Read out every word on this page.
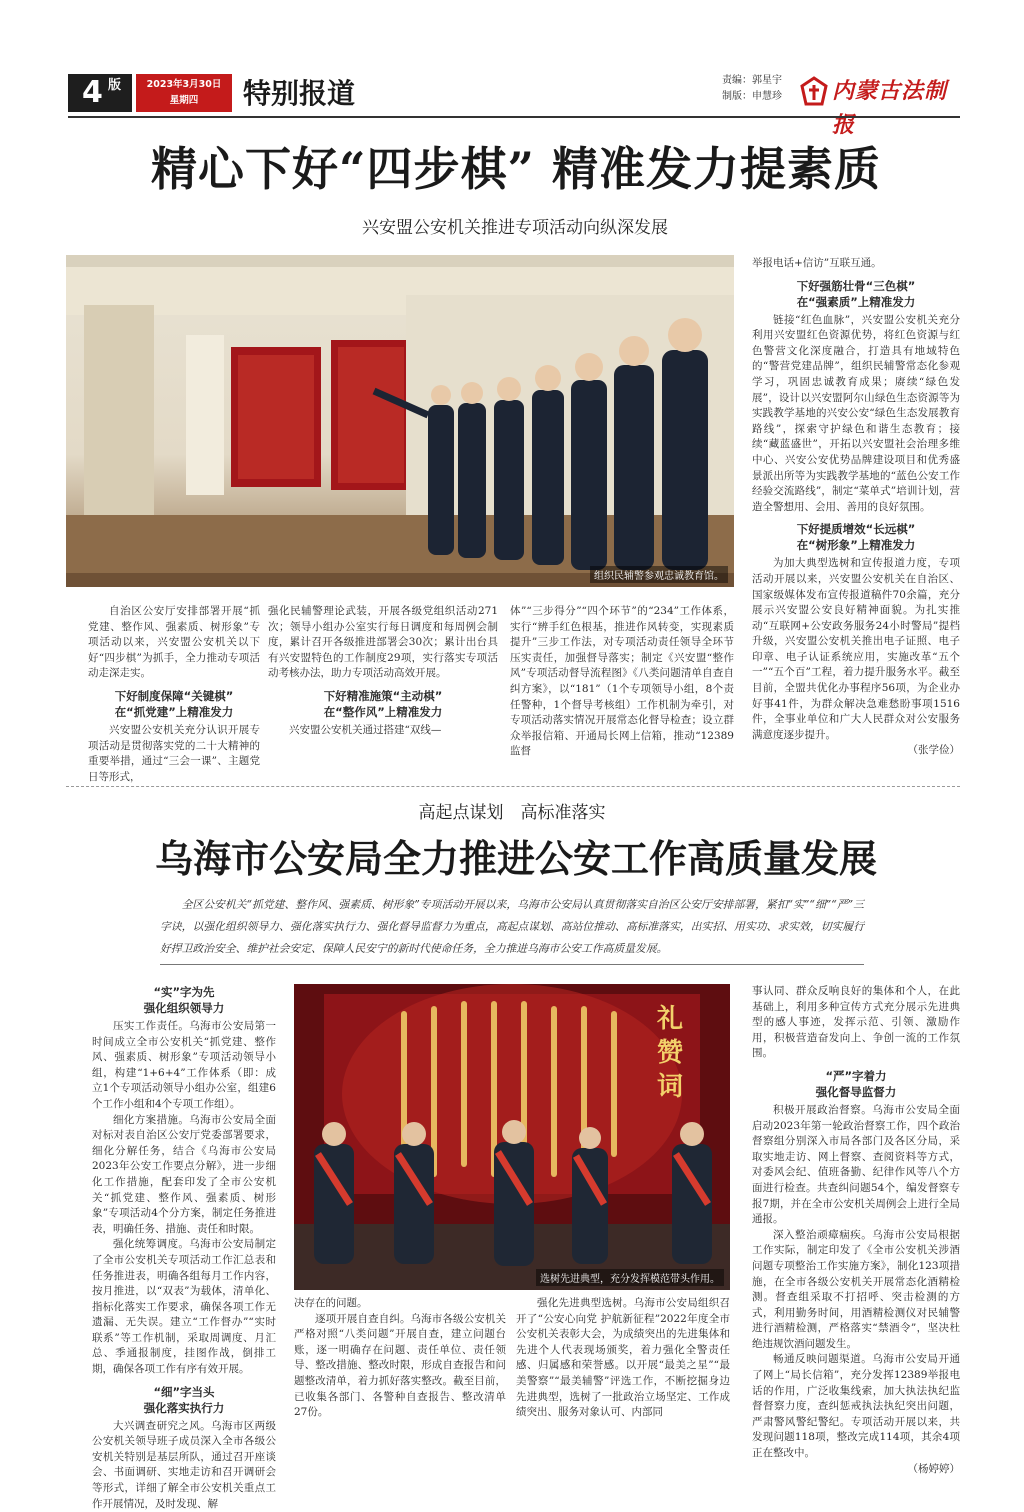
4 版	2023年3月30日
星期四	特别报道	责编：郭星宇
制版：申慧珍 内蒙古法制报
精心下好“四步棋” 精准发力提素质
兴安盟公安机关推进专项活动向纵深发展
组织民辅警参观忠诚教育馆。

自治区公安厅安排部署开展“抓党建、整作风、强素质、树形象”专项活动以来，兴安盟公安机关以下好“四步棋”为抓手，全力推动专项活动走深走实。

下好制度保障“关键棋”
在“抓党建”上精准发力

兴安盟公安机关充分认识开展专项活动是贯彻落实党的二十大精神的重要举措，通过“三会一课”、主题党日等形式，

强化民辅警理论武装，开展各级党组织活动271次；领导小组办公室实行每日调度和每周例会制度，累计召开各级推进部署会30次；累计出台具有兴安盟特色的工作制度29项，实行落实专项活动考核办法，助力专项活动高效开展。

下好精准施策“主动棋”
在“整作风”上精准发力

兴安盟公安机关通过搭建“双线—

体”“三步得分”“四个环节”的“234”工作体系，实行“辨手红色根基，推进作风转变，实现素质提升”三步工作法，对专项活动责任领导全环节压实责任，加强督导落实；制定《兴安盟“整作风”专项活动督导流程图》《八类问题清单自查自纠方案》，以“181”（1个专项领导小组，8个责任警种，1个督导考核组）工作机制为牵引，对专项活动落实情况开展常态化督导检查；设立群众举报信箱、开通局长网上信箱，推动“12389监督

举报电话+信访”互联互通。

下好强筋壮骨“三色棋”
在“强素质”上精准发力

链接“红色血脉”，兴安盟公安机关充分利用兴安盟红色资源优势，将红色资源与红色警营文化深度融合，打造具有地域特色的“警营党建品牌”，组织民辅警常态化参观学习，巩固忠诚教育成果；赓续“绿色发展”，设计以兴安盟阿尔山绿色生态资源等为实践教学基地的兴安公安“绿色生态发展教育路线”，探索守护绿色和谐生态教育；接续“藏蓝盛世”，开拓以兴安盟社会治理多维中心、兴安公安优势品牌建设项目和优秀盛景派出所等为实践教学基地的“蓝色公安工作经验交流路线”，制定“菜单式”培训计划，营造全警想用、会用、善用的良好氛围。

下好提质增效“长远棋”
在“树形象”上精准发力

为加大典型选树和宣传报道力度，专项活动开展以来，兴安盟公安机关在自治区、国家级媒体发布宣传报道稿件70余篇，充分展示兴安盟公安良好精神面貌。为扎实推动“互联网+公安政务服务24小时警局”提档升级，兴安盟公安机关推出电子证照、电子印章、电子认证系统应用，实施改革“五个一”“五个百”工程，着力提升服务水平。截至目前，全盟共优化办事程序56项，为企业办好事41件，为群众解决急难愁盼事项1516件，全事业单位和广大人民群众对公安服务满意度逐步提升。

（张学俭）

高起点谋划　高标准落实
乌海市公安局全力推进公安工作高质量发展
全区公安机关“抓党建、整作风、强素质、树形象”专项活动开展以来，乌海市公安局认真贯彻落实自治区公安厅安排部署，紧扣“实”“细”“严”三字诀，以强化组织领导力、强化落实执行力、强化督导监督力为重点，高起点谋划、高站位推动、高标准落实，出实招、用实功、求实效，切实履行好捍卫政治安全、维护社会安定、保障人民安宁的新时代使命任务，全力推进乌海市公安工作高质量发展。
礼赞词
选树先进典型，充分发挥模范带头作用。
“实”字为先
强化组织领导力

压实工作责任。乌海市公安局第一时间成立全市公安机关“抓党建、整作风、强素质、树形象”专项活动领导小组，构建“1+6+4”工作体系（即：成立1个专项活动领导小组办公室，组建6个工作小组和4个专项工作组）。

细化方案措施。乌海市公安局全面对标对表自治区公安厅党委部署要求，细化分解任务，结合《乌海市公安局2023年公安工作要点分解》，进一步细化工作措施，配套印发了全市公安机关“抓党建、整作风、强素质、树形象”专项活动4个分方案，制定任务推进表，明确任务、措施、责任和时限。

强化统筹调度。乌海市公安局制定了全市公安机关专项活动工作汇总表和任务推进表，明确各组每月工作内容，按月推进，以“双表”为载体，清单化、指标化落实工作要求，确保各项工作无遗漏、无失误。建立“工作督办”“实时联系”等工作机制，采取周调度、月汇总、季通报制度，挂图作战，倒排工期，确保各项工作有序有效开展。

“细”字当头
强化落实执行力

大兴调查研究之风。乌海市区两级公安机关领导班子成员深入全市各级公安机关特别是基层所队，通过召开座谈会、书面调研、实地走访和召开调研会等形式，详细了解全市公安机关重点工作开展情况，及时发现、解

决存在的问题。

逐项开展自查自纠。乌海市各级公安机关严格对照“八类问题”开展自查，建立问题台账，逐一明确存在问题、责任单位、责任领导、整改措施、整改时限，形成自查报告和问题整改清单，着力抓好落实整改。截至目前，已收集各部门、各警种自查报告、整改清单27份。

强化先进典型选树。乌海市公安局组织召开了“公安心向党 护航新征程”2022年度全市公安机关表彰大会，为成绩突出的先进集体和先进个人代表现场颁奖，着力强化全警责任感、归属感和荣誉感。以开展“最美之星”“最美警察”“最美辅警”评选工作，不断挖掘身边先进典型，选树了一批政治立场坚定、工作成绩突出、服务对象认可、内部同

事认同、群众反响良好的集体和个人，在此基础上，利用多种宣传方式充分展示先进典型的感人事迹，发挥示范、引领、激励作用，积极营造奋发向上、争创一流的工作氛围。

“严”字着力
强化督导监督力

积极开展政治督察。乌海市公安局全面启动2023年第一轮政治督察工作，四个政治督察组分别深入市局各部门及各区分局，采取实地走访、网上督察、查阅资料等方式，对委风会纪、值班备勤、纪律作风等八个方面进行检查。共查纠问题54个，编发督察专报7期，并在全市公安机关周例会上进行全局通报。

深入整治顽瘴痼疾。乌海市公安局根据工作实际，制定印发了《全市公安机关涉酒问题专项整治工作实施方案》，制化123项措施，在全市各级公安机关开展常态化酒精检测。督查组采取不打招呼、突击检测的方式，利用勤务时间，用酒精检测仪对民辅警进行酒精检测，严格落实“禁酒令”，坚决杜绝违规饮酒问题发生。

畅通反映问题渠道。乌海市公安局开通了网上“局长信箱”，充分发挥12389举报电话的作用，广泛收集线索，加大执法执纪监督督察力度，查纠惩戒执法执纪突出问题，严肃警风警纪警纪。专项活动开展以来，共发现问题118项，整改完成114项，其余4项正在整改中。

（杨婷婷）
